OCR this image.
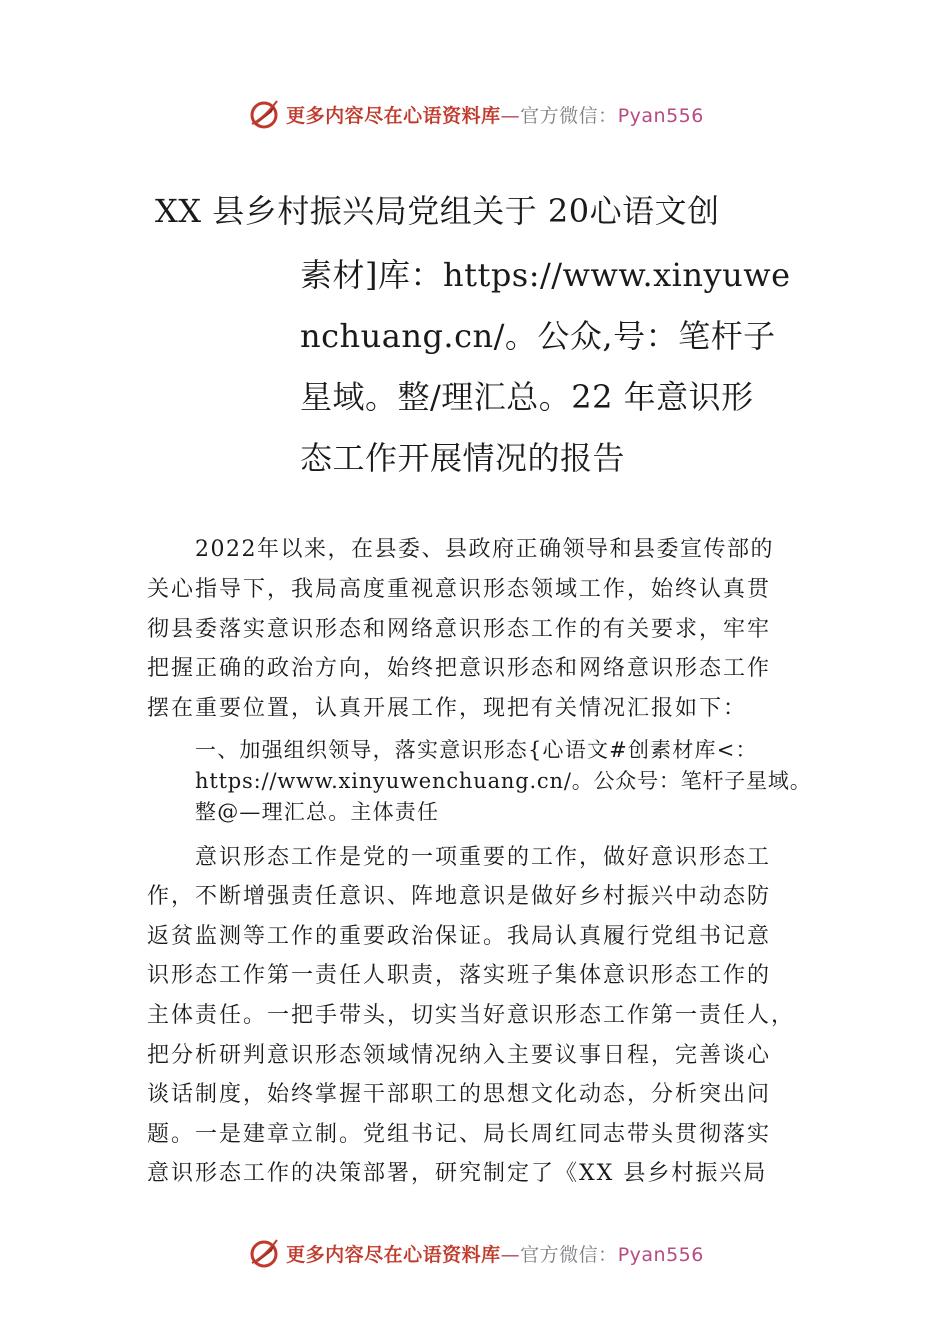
更多内容尽在心语资料库—官方微信：Pyan556
XX 县乡村振兴局党组关于 20心语文创
素材]库：https://www.xinyuwe
nchuang.cn/。公众,号：笔杆子
星域。整/理汇总。22 年意识形
态工作开展情况的报告
2022年以来，在县委、县政府正确领导和县委宣传部的
关心指导下，我局高度重视意识形态领域工作，始终认真贯
彻县委落实意识形态和网络意识形态工作的有关要求，牢牢
把握正确的政治方向，始终把意识形态和网络意识形态工作
摆在重要位置，认真开展工作，现把有关情况汇报如下：
一、加强组织领导，落实意识形态{心语文#创素材库<：
https://www.xinyuwenchuang.cn/。公众号：笔杆子星域。
整@—理汇总。主体责任
意识形态工作是党的一项重要的工作，做好意识形态工
作，不断增强责任意识、阵地意识是做好乡村振兴中动态防
返贫监测等工作的重要政治保证。我局认真履行党组书记意
识形态工作第一责任人职责，落实班子集体意识形态工作的
主体责任。一把手带头，切实当好意识形态工作第一责任人，
把分析研判意识形态领域情况纳入主要议事日程，完善谈心
谈话制度，始终掌握干部职工的思想文化动态，分析突出问
题。一是建章立制。党组书记、局长周红同志带头贯彻落实
意识形态工作的决策部署，研究制定了《XX 县乡村振兴局
更多内容尽在心语资料库—官方微信：Pyan556
